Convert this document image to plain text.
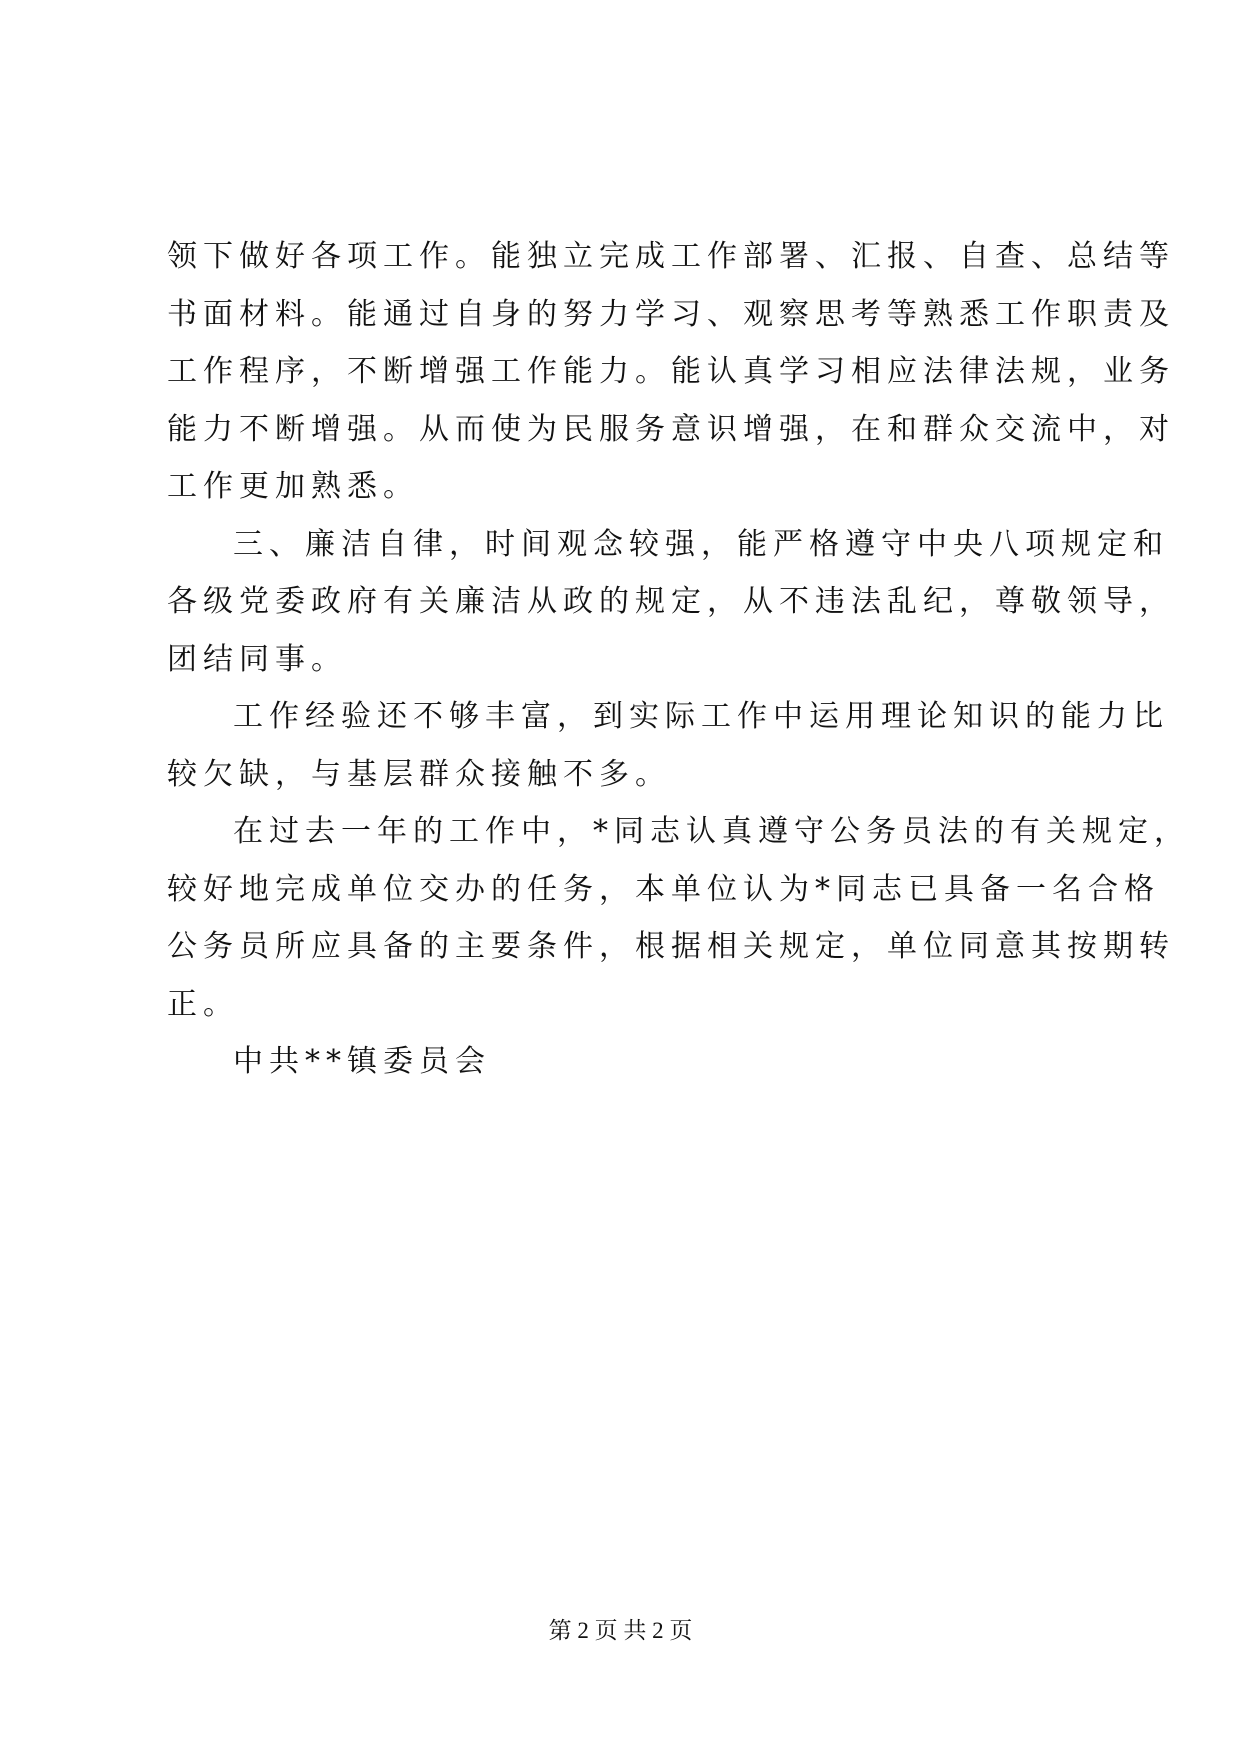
领下做好各项工作。能独立完成工作部署、汇报、自查、总结等
书面材料。能通过自身的努力学习、观察思考等熟悉工作职责及
工作程序，不断增强工作能力。能认真学习相应法律法规，业务
能力不断增强。从而使为民服务意识增强，在和群众交流中，对
工作更加熟悉。
三、廉洁自律，时间观念较强，能严格遵守中央八项规定和
各级党委政府有关廉洁从政的规定，从不违法乱纪，尊敬领导，
团结同事。
工作经验还不够丰富，到实际工作中运用理论知识的能力比
较欠缺，与基层群众接触不多。
在过去一年的工作中，*同志认真遵守公务员法的有关规定，
较好地完成单位交办的任务，本单位认为*同志已具备一名合格
公务员所应具备的主要条件，根据相关规定，单位同意其按期转
正。
中共**镇委员会
第 2 页 共 2 页
